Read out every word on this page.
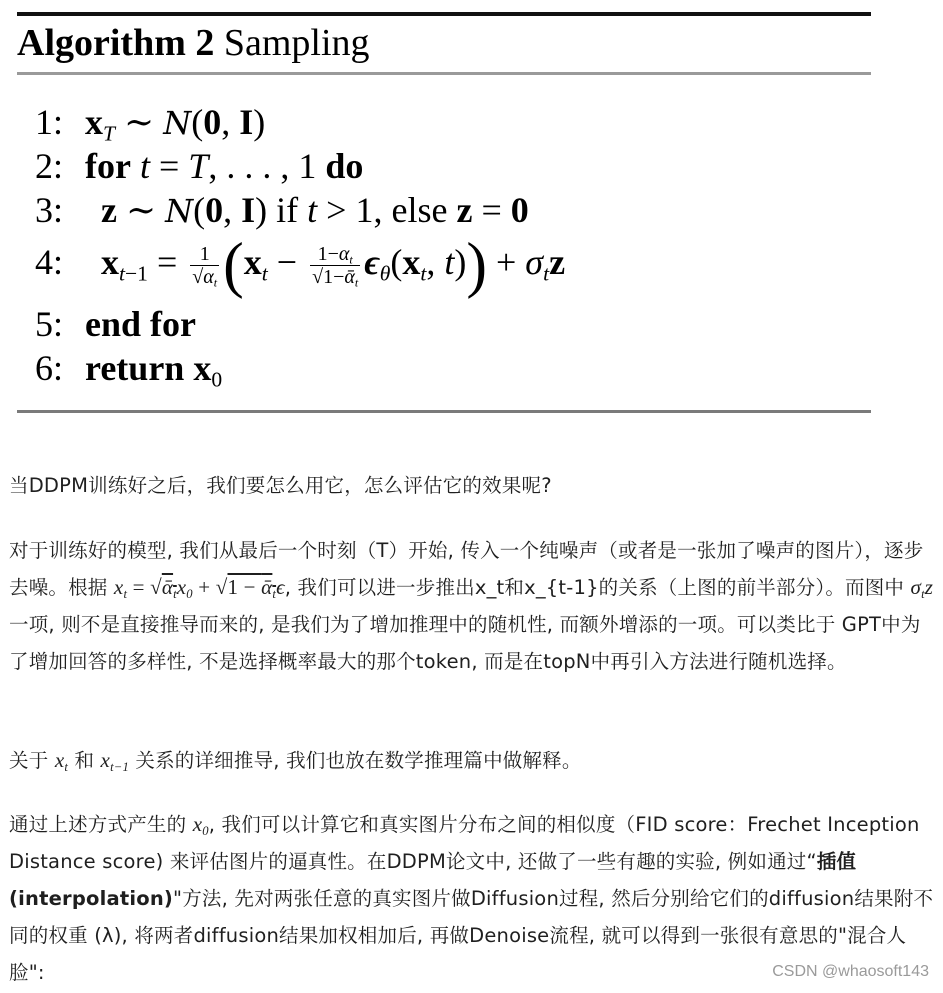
Algorithm 2 Sampling
1: $x_T$ ∼ N(0, I)
2: for t = T, . . . , 1 do
3: z ∼ N(0, I) if t > 1, else z = 0
4: $x_{t-1} = \frac{1}{√\alpha_t} (x_t - \frac{1-\alpha_t}{√1-ᾱ_t} \epsilon_\theta(x_t$, $t)) + \sigma_tz$
5: end for
6: return $x_0$
当DDPM训练好之后，我们要怎么用它，怎么评估它的效果呢?
对于训练好的模型, 我们从最后一个时刻（T）开始, 传入一个纯噪声（或者是一张加了噪声的图片），逐步去噪。根据 $x_t$ = $√ᾱ_tx_0 + √1$ − ᾱ$_t$ϵ, 我们可以进一步推出x_t和x_{t-1}的关系（上图的前半部分）。而图中 $\sigma_tz$ 一项, 则不是直接推导而来的, 是我们为了增加推理中的随机性, 而额外增添的一项。可以类比于 GPT中为了增加回答的多样性, 不是选择概率最大的那个token, 而是在topN中再引入方法进行随机选择。
关于 $x_t$ 和 $x_{t-1}$ 关系的详细推导, 我们也放在数学推理篇中做解释。
通过上述方式产生的 $x_0$, 我们可以计算它和真实图片分布之间的相似度（FID score：Frechet Inception Distance score) 来评估图片的逼真性。在DDPM论文中, 还做了一些有趣的实验, 例如通过“插值 (interpolation)"方法, 先对两张任意的真实图片做Diffusion过程, 然后分别给它们的diffusion结果附不同的权重 (λ), 将两者diffusion结果加权相加后, 再做Denoise流程, 就可以得到一张很有意思的"混合人脸":	CSDN @whaosoft143
